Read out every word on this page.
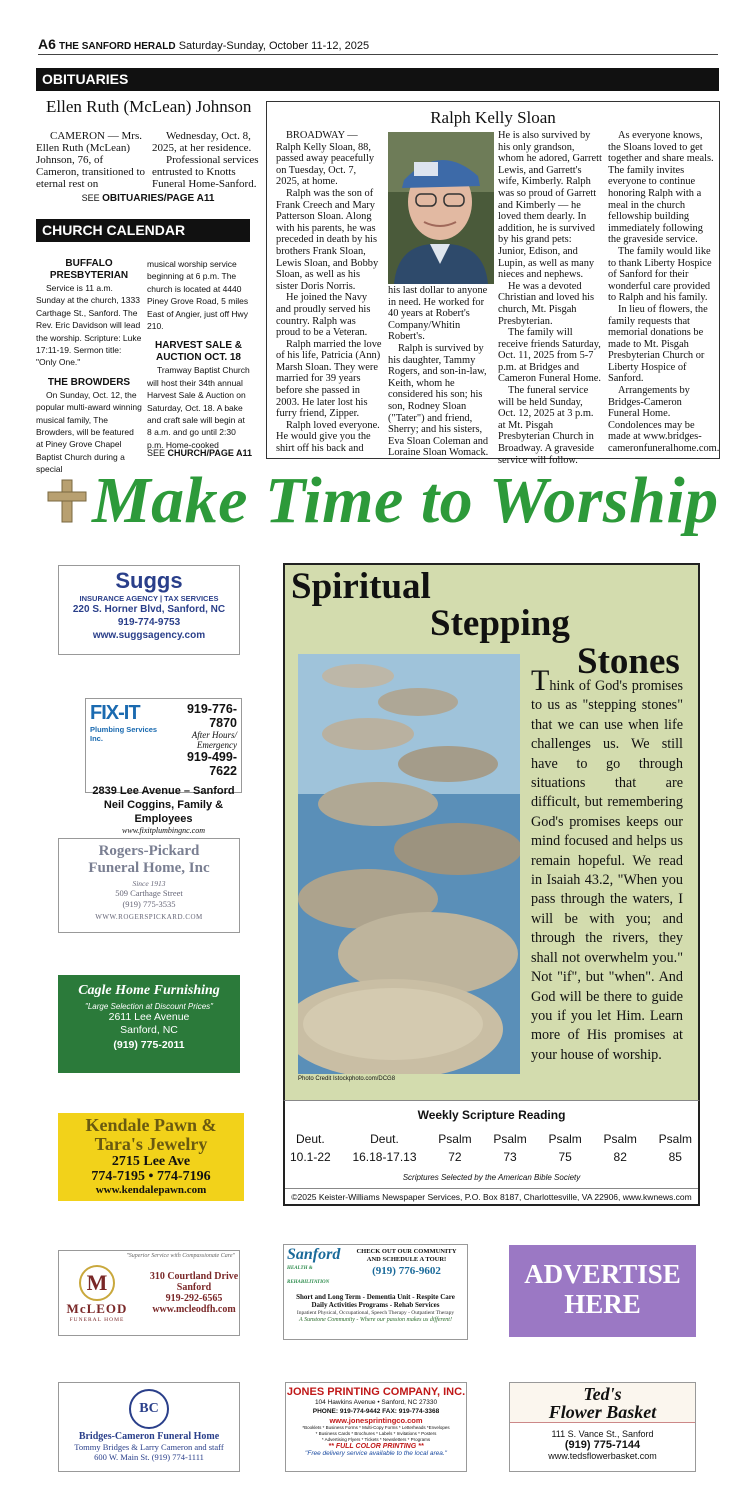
A6 THE SANFORD HERALD Saturday-Sunday, October 11-12, 2025
OBITUARIES
Ellen Ruth (McLean) Johnson
CAMERON — Mrs. Ellen Ruth (McLean) Johnson, 76, of Cameron, transitioned to eternal rest on

Wednesday, Oct. 8, 2025, at her residence.

Professional services entrusted to Knotts Funeral Home-Sanford.

SEE OBITUARIES/PAGE A11
CHURCH CALENDAR
BUFFALO PRESBYTERIAN

Service is 11 a.m. Sunday at the church, 1333 Carthage St., Sanford. The Rev. Eric Davidson will lead the worship. Scripture: Luke 17:11-19. Sermon title: "Only One."

THE BROWDERS

On Sunday, Oct. 12, the popular multi-award winning musical family, The Browders, will be featured at Piney Grove Chapel Baptist Church during a special

musical worship service beginning at 6 p.m. The church is located at 4440 Piney Grove Road, 5 miles East of Angier, just off Hwy 210.

HARVEST SALE & AUCTION OCT. 18

Tramway Baptist Church will host their 34th annual Harvest Sale & Auction on Saturday, Oct. 18. A bake and craft sale will begin at 8 a.m. and go until 2:30 p.m. Home-cooked

SEE CHURCH/PAGE A11
Ralph Kelly Sloan

BROADWAY — Ralph Kelly Sloan, 88, passed away peacefully on Tuesday, Oct. 7, 2025, at home.

Ralph was the son of Frank Creech and Mary Patterson Sloan. Along with his parents, he was preceded in death by his brothers Frank Sloan, Lewis Sloan, and Bobby Sloan, as well as his sister Doris Norris.

He joined the Navy and proudly served his country. Ralph was proud to be a Veteran.

Ralph married the love of his life, Patricia (Ann) Marsh Sloan. They were married for 39 years before she passed in 2003. He later lost his furry friend, Zipper.

Ralph loved everyone. He would give you the shirt off his back and

his last dollar to anyone in need. He worked for 40 years at Robert's Company/Whitin Robert's.

Ralph is survived by his daughter, Tammy Rogers, and son-in-law, Keith, whom he considered his son; his son, Rodney Sloan ("Tater") and friend, Sherry; and his sisters, Eva Sloan Coleman and Loraine Sloan Womack.

He is also survived by his only grandson, whom he adored, Garrett Lewis, and Garrett's wife, Kimberly. Ralph was so proud of Garrett and Kimberly — he loved them dearly. In addition, he is survived by his grand pets: Junior, Edison, and Lupin, as well as many nieces and nephews.

He was a devoted Christian and loved his church, Mt. Pisgah Presbyterian.

The family will receive friends Saturday, Oct. 11, 2025 from 5-7 p.m. at Bridges and Cameron Funeral Home.

The funeral service will be held Sunday, Oct. 12, 2025 at 3 p.m. at Mt. Pisgah Presbyterian Church in Broadway. A graveside service will follow.

As everyone knows, the Sloans loved to get together and share meals. The family invites everyone to continue honoring Ralph with a meal in the church fellowship building immediately following the graveside service.

The family would like to thank Liberty Hospice of Sanford for their wonderful care provided to Ralph and his family.

In lieu of flowers, the family requests that memorial donations be made to Mt. Pisgah Presbyterian Church or Liberty Hospice of Sanford.

Arrangements by Bridges-Cameron Funeral Home. Condolences may be made at www.bridges-cameronfuneralhome.com.

Make Time to Worship
Suggs
INSURANCE AGENCY | TAX SERVICES
220 S. Horner Blvd, Sanford, NC
919-774-9753
www.suggsagency.com
FIX-IT
Plumbing Services Inc.
919-776-7870
After Hours/ Emergency
919-499-7622
2839 Lee Avenue – Sanford
Neil Coggins, Family & Employees
www.fixitplumbingnc.com
Rogers-Pickard
Funeral Home, Inc
Since 1913
509 Carthage Street
(919) 775-3535
WWW.ROGERSPICKARD.COM
Cagle Home Furnishing
"Large Selection at Discount Prices"
2611 Lee Avenue
Sanford, NC
(919) 775-2011
Kendale Pawn &
Tara's Jewelry
2715 Lee Ave
774-7195 • 774-7196
www.kendalepawn.com
Spiritual
Stepping
Stones
Photo Credit Istockphoto.com/DCG8
Think of God's promises to us as "stepping stones" that we can use when life challenges us. We still have to go through situations that are difficult, but remembering God's promises keeps our mind focused and helps us remain hopeful. We read in Isaiah 43.2, "When you pass through the waters, I will be with you; and through the rivers, they shall not overwhelm you." Not "if", but "when". And God will be there to guide you if you let Him. Learn more of His promises at your house of worship.
Weekly Scripture Reading
Deut.
10.1-22
Deut.
16.18-17.13
Psalm
72
Psalm
73
Psalm
75
Psalm
82
Psalm
85
Scriptures Selected by the American Bible Society
©2025 Keister-Williams Newspaper Services, P.O. Box 8187, Charlottesville, VA 22906, www.kwnews.com
"Superior Service with Compassionate Care"
M
McLEOD
FUNERAL HOME
310 Courtland Drive
Sanford
919-292-6565
www.mcleodfh.com
Sanford
HEALTH & REHABILITATION
CHECK OUT OUR COMMUNITY AND SCHEDULE A TOUR!
(919) 776-9602
Short and Long Term - Dementia Unit - Respite Care
Daily Activities Programs - Rehab Services
Inpatient Physical, Occupational, Speech Therapy - Outpatient Therapy
A Sunstone Community - Where our passion makes us different!
ADVERTISE
HERE
BC
Bridges-Cameron Funeral Home
Tommy Bridges & Larry Cameron and staff
600 W. Main St. (919) 774-1111
JONES PRINTING COMPANY, INC.
104 Hawkins Avenue • Sanford, NC 27330
PHONE: 919-774-9442 FAX: 919-774-3368
www.jonesprintingco.com
*Booklets * Business Forms * Multi-Copy Forms * Letterheads *Envelopes
* Business Cards * Brochures * Labels * Invitations * Posters
* Advertising Flyers * Tickets * Newsletters * Programs
** FULL COLOR PRINTING **
"Free delivery service available to the local area."
Ted's
Flower Basket
111 S. Vance St., Sanford
(919) 775-7144
www.tedsflowerbasket.com
